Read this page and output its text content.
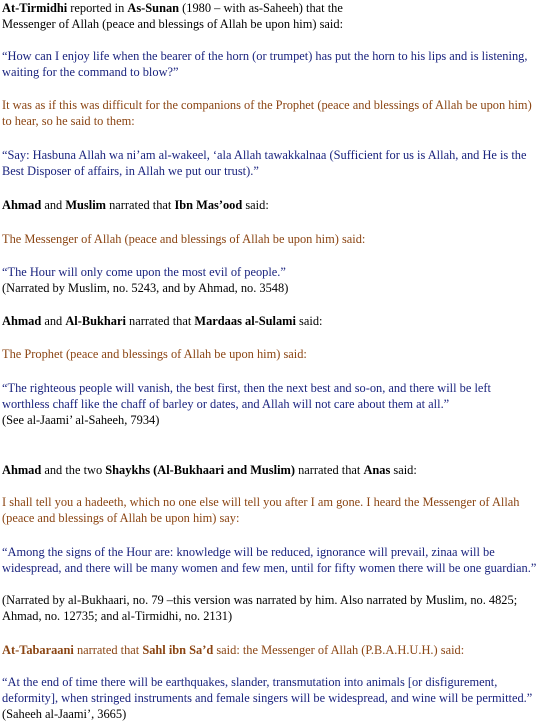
At-Tirmidhi reported in As-Sunan (1980 – with as-Saheeh) that the
Messenger of Allah (peace and blessings of Allah be upon him) said:

“How can I enjoy life when the bearer of the horn (or trumpet) has put the horn to his lips and is listening, waiting for the command to blow?”

It was as if this was difficult for the companions of the Prophet (peace and blessings of Allah be upon him) to hear, so he said to them:

“Say: Hasbuna Allah wa ni’am al-wakeel, ‘ala Allah tawakkalnaa (Sufficient for us is Allah, and He is the Best Disposer of affairs, in Allah we put our trust).”

Ahmad and Muslim narrated that Ibn Mas’ood said:

The Messenger of Allah (peace and blessings of Allah be upon him) said:

“The Hour will only come upon the most evil of people.”

(Narrated by Muslim, no. 5243, and by Ahmad, no. 3548)

Ahmad and Al-Bukhari narrated that Mardaas al-Sulami said:

The Prophet (peace and blessings of Allah be upon him) said:

“The righteous people will vanish, the best first, then the next best and so-on, and there will be left worthless chaff like the chaff of barley or dates, and Allah will not care about them at all.”

(See al-Jaami’ al-Saheeh, 7934)

Ahmad and the two Shaykhs (Al-Bukhaari and Muslim) narrated that Anas said:

I shall tell you a hadeeth, which no one else will tell you after I am gone. I heard the Messenger of Allah (peace and blessings of Allah be upon him) say:

“Among the signs of the Hour are: knowledge will be reduced, ignorance will prevail, zinaa will be widespread, and there will be many women and few men, until for fifty women there will be one guardian.”

(Narrated by al-Bukhaari, no. 79 –this version was narrated by him. Also narrated by Muslim, no. 4825; Ahmad, no. 12735; and al-Tirmidhi, no. 2131)

At-Tabaraani narrated that Sahl ibn Sa’d said: the Messenger of Allah (P.B.A.H.U.H.) said:

“At the end of time there will be earthquakes, slander, transmutation into animals [or disfigurement, deformity], when stringed instruments and female singers will be widespread, and wine will be permitted.” (Saheeh al-Jaami’, 3665)
